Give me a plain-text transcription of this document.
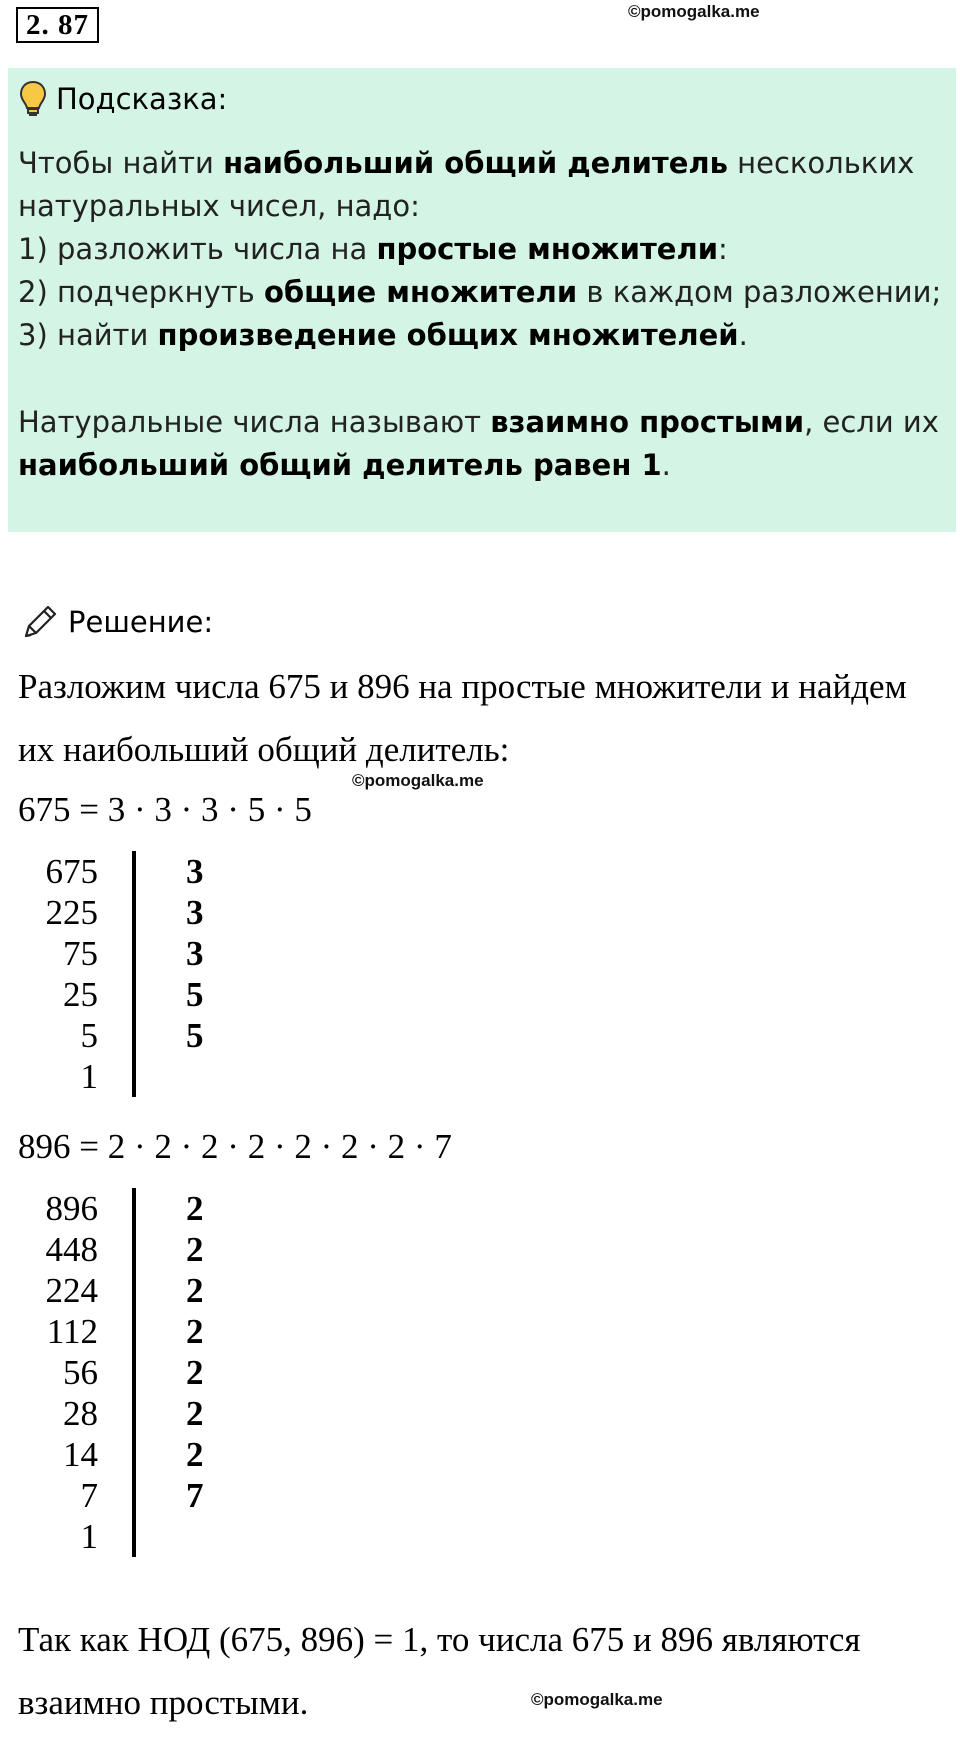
2. 87	©pomogalka.me
Подсказка:
Чтобы найти наибольший общий делитель нескольких
натуральных чисел, надо:
1) разложить числа на простые множители:
2) подчеркнуть общие множители в каждом разложении;
3) найти произведение общих множителей.
Натуральные числа называют взаимно простыми, если их
наибольший общий делитель равен 1.
Решение:
Разложим числа 675 и 896 на простые множители и найдем
их наибольший общий делитель:
©pomogalka.me
675 = 3 · 3 · 3 · 5 · 5
675	3
225	3
75	3
25	5
5	5
1
896 = 2 · 2 · 2 · 2 · 2 · 2 · 2 · 7
896	2
448	2
224	2
112	2
56	2
28	2
14	2
7	7
1
Так как НОД (675, 896) = 1, то числа 675 и 896 являются
взаимно простыми.	©pomogalka.me
